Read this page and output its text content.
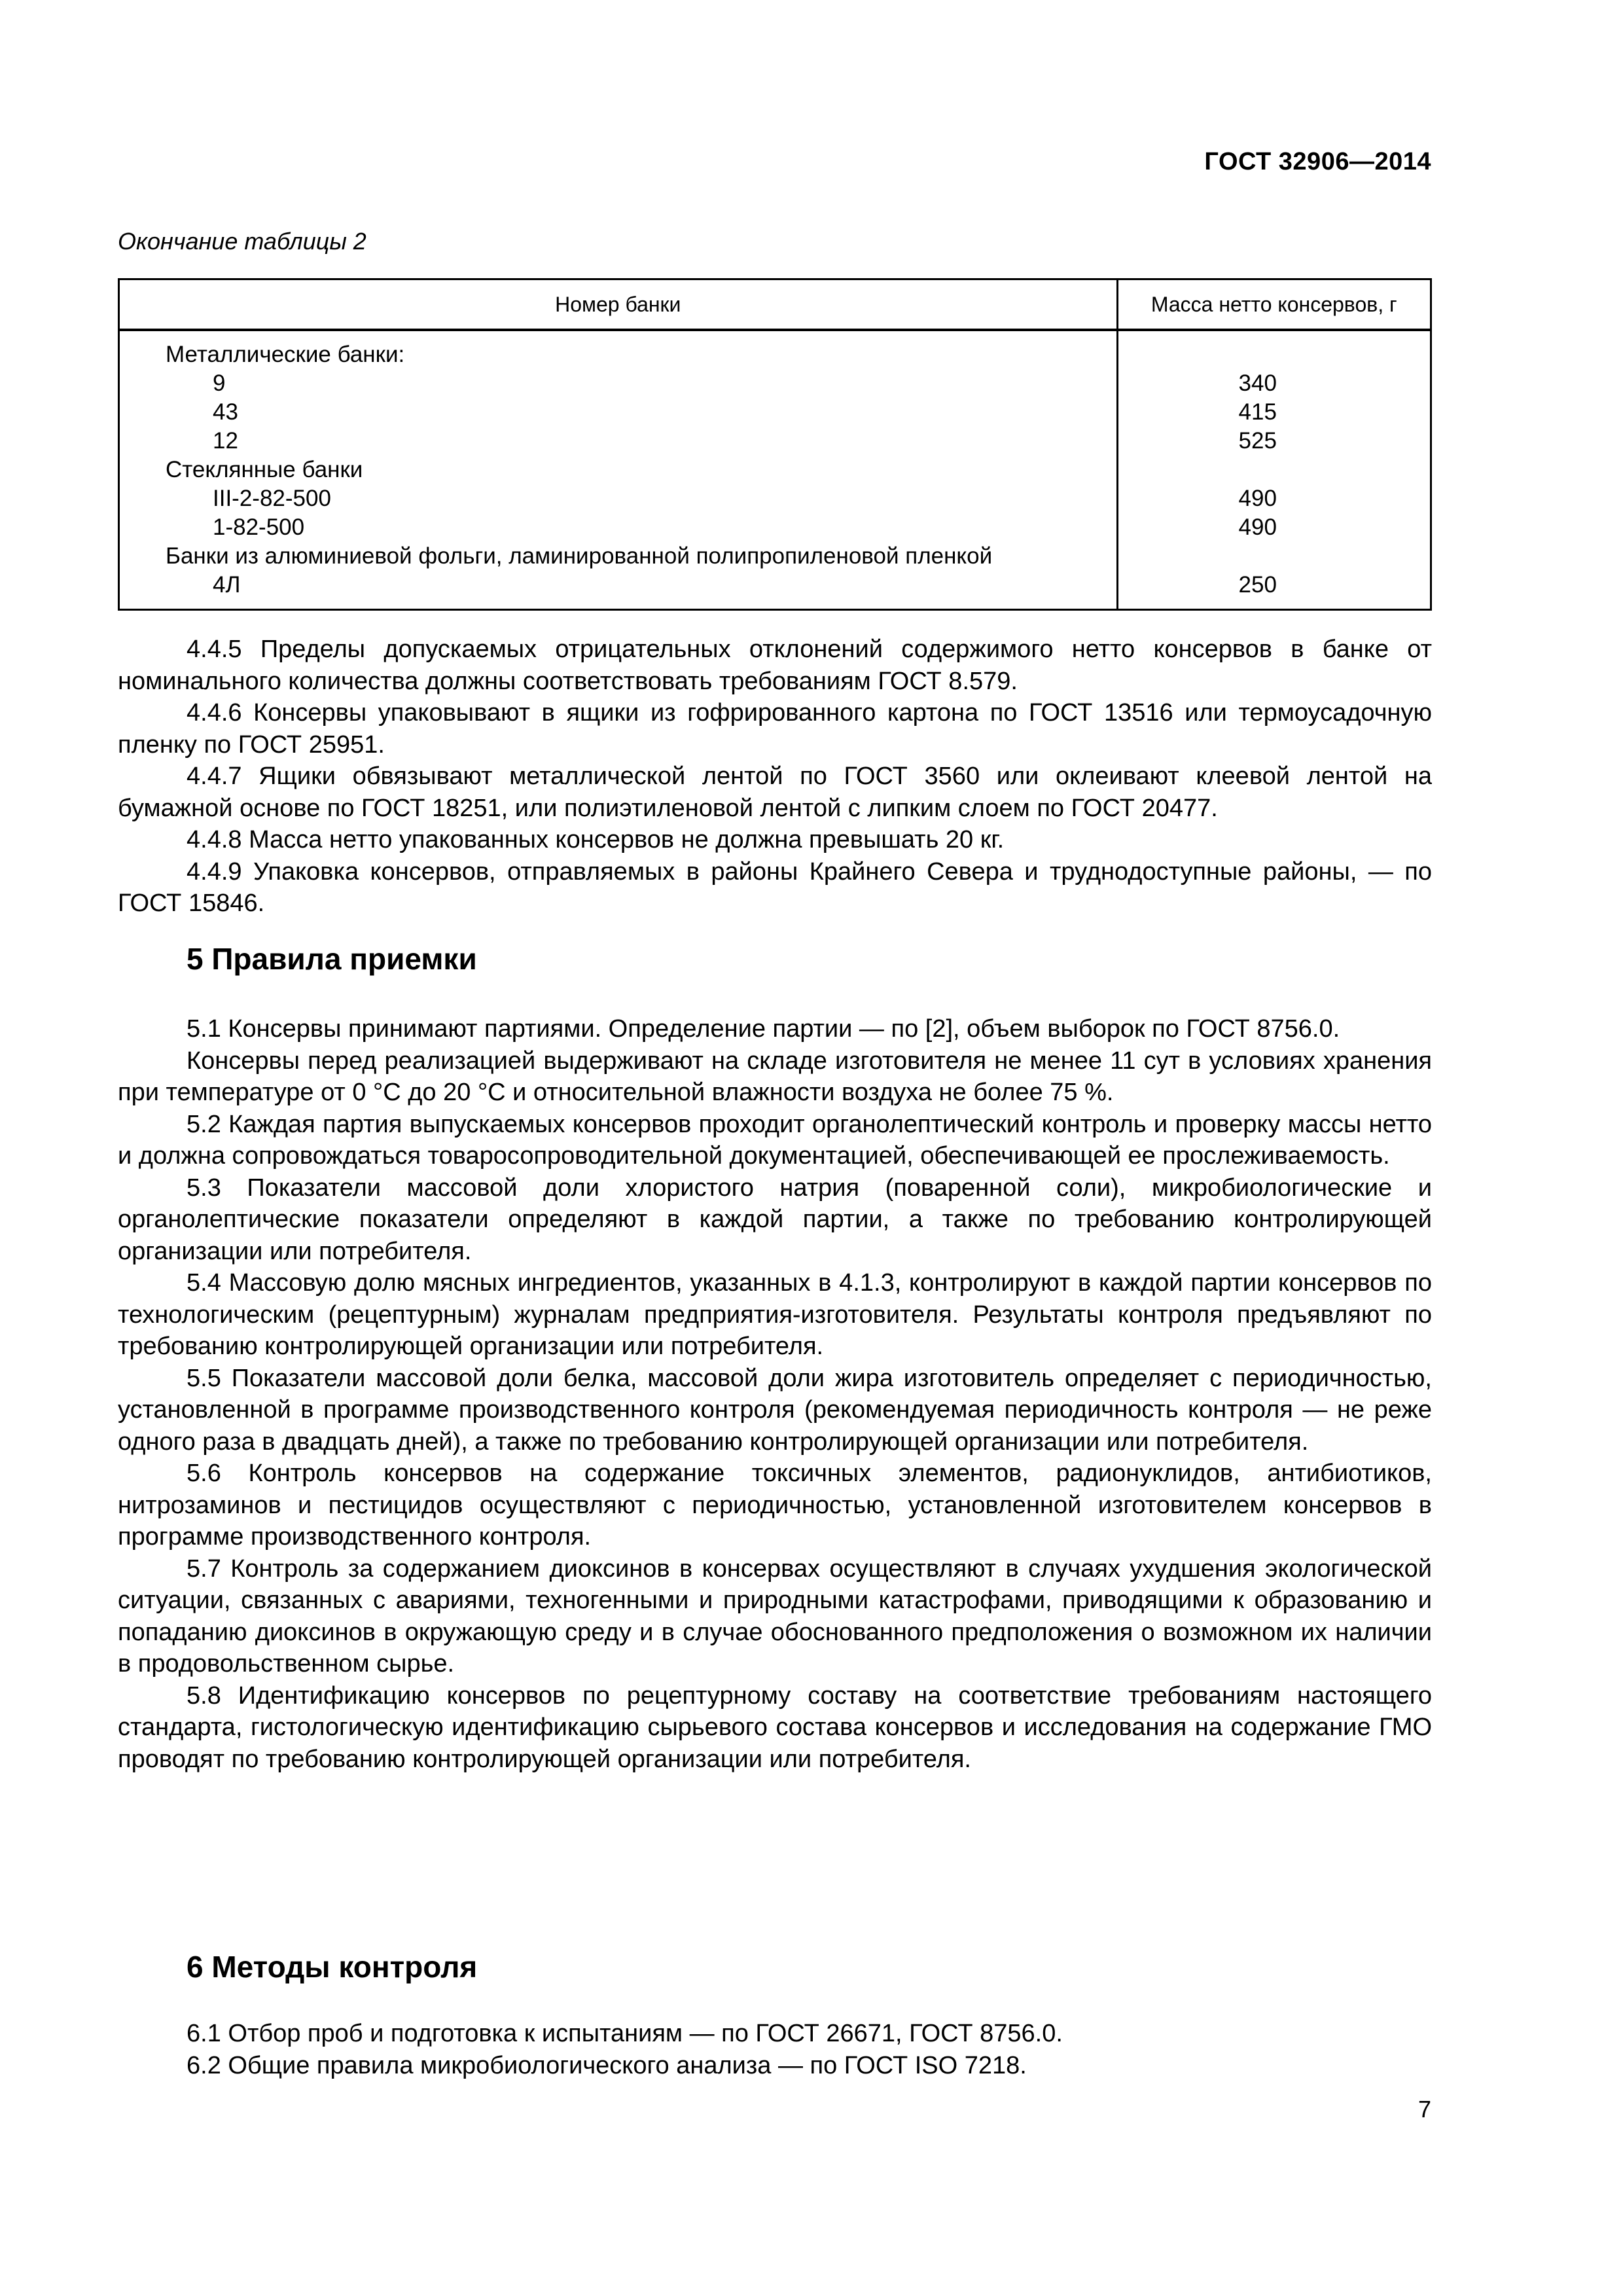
ГОСТ 32906—2014
Окончание таблицы 2
Номер банки	Масса нетто консервов, г
Металлические банки:	
9	340
43	415
12	525
Стеклянные банки	
III-2-82-500	490
1-82-500	490
Банки из алюминиевой фольги, ламинированной полипропиленовой пленкой	
4Л	250

4.4.5 Пределы допускаемых отрицательных отклонений содержимого нетто консервов в банке от номинального количества должны соответствовать требованиям ГОСТ 8.579.

4.4.6 Консервы упаковывают в ящики из гофрированного картона по ГОСТ 13516 или термоусадочную пленку по ГОСТ 25951.

4.4.7 Ящики обвязывают металлической лентой по ГОСТ 3560 или оклеивают клеевой лентой на бумажной основе по ГОСТ 18251, или полиэтиленовой лентой с липким слоем по ГОСТ 20477.

4.4.8 Масса нетто упакованных консервов не должна превышать 20 кг.

4.4.9 Упаковка консервов, отправляемых в районы Крайнего Севера и труднодоступные районы, — по ГОСТ 15846.

5 Правила приемки

5.1 Консервы принимают партиями. Определение партии — по [2], объем выборок по ГОСТ 8756.0.

Консервы перед реализацией выдерживают на складе изготовителя не менее 11 сут в условиях хранения при температуре от 0 °С до 20 °С и относительной влажности воздуха не более 75 %.

5.2 Каждая партия выпускаемых консервов проходит органолептический контроль и проверку массы нетто и должна сопровождаться товаросопроводительной документацией, обеспечивающей ее прослеживаемость.

5.3 Показатели массовой доли хлористого натрия (поваренной соли), микробиологические и органолептические показатели определяют в каждой партии, а также по требованию контролирующей организации или потребителя.

5.4 Массовую долю мясных ингредиентов, указанных в 4.1.3, контролируют в каждой партии консервов по технологическим (рецептурным) журналам предприятия-изготовителя. Результаты контроля предъявляют по требованию контролирующей организации или потребителя.

5.5 Показатели массовой доли белка, массовой доли жира изготовитель определяет с периодичностью, установленной в программе производственного контроля (рекомендуемая периодичность контроля — не реже одного раза в двадцать дней), а также по требованию контролирующей организации или потребителя.

5.6 Контроль консервов на содержание токсичных элементов, радионуклидов, антибиотиков, нитрозаминов и пестицидов осуществляют с периодичностью, установленной изготовителем консервов в программе производственного контроля.

5.7 Контроль за содержанием диоксинов в консервах осуществляют в случаях ухудшения экологической ситуации, связанных с авариями, техногенными и природными катастрофами, приводящими к образованию и попаданию диоксинов в окружающую среду и в случае обоснованного предположения о возможном их наличии в продовольственном сырье.

5.8 Идентификацию консервов по рецептурному составу на соответствие требованиям настоящего стандарта, гистологическую идентификацию сырьевого состава консервов и исследования на содержание ГМО проводят по требованию контролирующей организации или потребителя.

6 Методы контроля

6.1 Отбор проб и подготовка к испытаниям — по ГОСТ 26671, ГОСТ 8756.0.

6.2 Общие правила микробиологического анализа — по ГОСТ ISO 7218.

7
